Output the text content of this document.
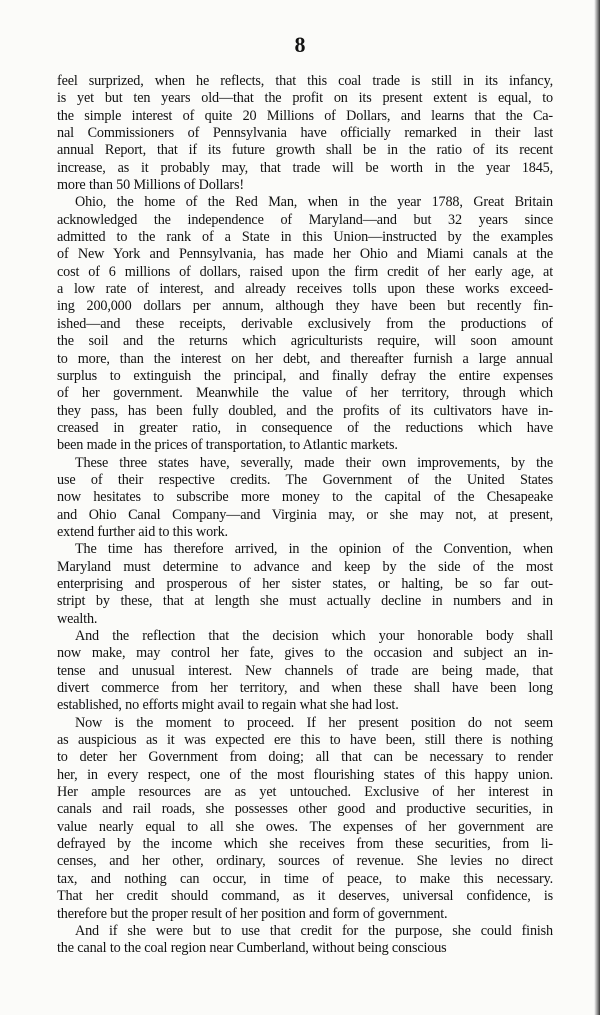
8
feel surprized, when he reflects, that this coal trade is still in its infancy,
is yet but ten years old—that the profit on its present extent is equal, to
the simple interest of quite 20 Millions of Dollars, and learns that the Ca-
nal Commissioners of Pennsylvania have officially remarked in their last
annual Report, that if its future growth shall be in the ratio of its recent
increase, as it probably may, that trade will be worth in the year 1845,
more than 50 Millions of Dollars!
Ohio, the home of the Red Man, when in the year 1788, Great Britain
acknowledged the independence of Maryland—and but 32 years since
admitted to the rank of a State in this Union—instructed by the examples
of New York and Pennsylvania, has made her Ohio and Miami canals at the
cost of 6 millions of dollars, raised upon the firm credit of her early age, at
a low rate of interest, and already receives tolls upon these works exceed-
ing 200,000 dollars per annum, although they have been but recently fin-
ished—and these receipts, derivable exclusively from the productions of
the soil and the returns which agriculturists require, will soon amount
to more, than the interest on her debt, and thereafter furnish a large annual
surplus to extinguish the principal, and finally defray the entire expenses
of her government. Meanwhile the value of her territory, through which
they pass, has been fully doubled, and the profits of its cultivators have in-
creased in greater ratio, in consequence of the reductions which have
been made in the prices of transportation, to Atlantic markets.
These three states have, severally, made their own improvements, by the
use of their respective credits. The Government of the United States
now hesitates to subscribe more money to the capital of the Chesapeake
and Ohio Canal Company—and Virginia may, or she may not, at present,
extend further aid to this work.
The time has therefore arrived, in the opinion of the Convention, when
Maryland must determine to advance and keep by the side of the most
enterprising and prosperous of her sister states, or halting, be so far out-
stript by these, that at length she must actually decline in numbers and in
wealth.
And the reflection that the decision which your honorable body shall
now make, may control her fate, gives to the occasion and subject an in-
tense and unusual interest. New channels of trade are being made, that
divert commerce from her territory, and when these shall have been long
established, no efforts might avail to regain what she had lost.
Now is the moment to proceed. If her present position do not seem
as auspicious as it was expected ere this to have been, still there is nothing
to deter her Government from doing; all that can be necessary to render
her, in every respect, one of the most flourishing states of this happy union.
Her ample resources are as yet untouched. Exclusive of her interest in
canals and rail roads, she possesses other good and productive securities, in
value nearly equal to all she owes. The expenses of her government are
defrayed by the income which she receives from these securities, from li-
censes, and her other, ordinary, sources of revenue. She levies no direct
tax, and nothing can occur, in time of peace, to make this necessary.
That her credit should command, as it deserves, universal confidence, is
therefore but the proper result of her position and form of government.
And if she were but to use that credit for the purpose, she could finish
the canal to the coal region near Cumberland, without being conscious
